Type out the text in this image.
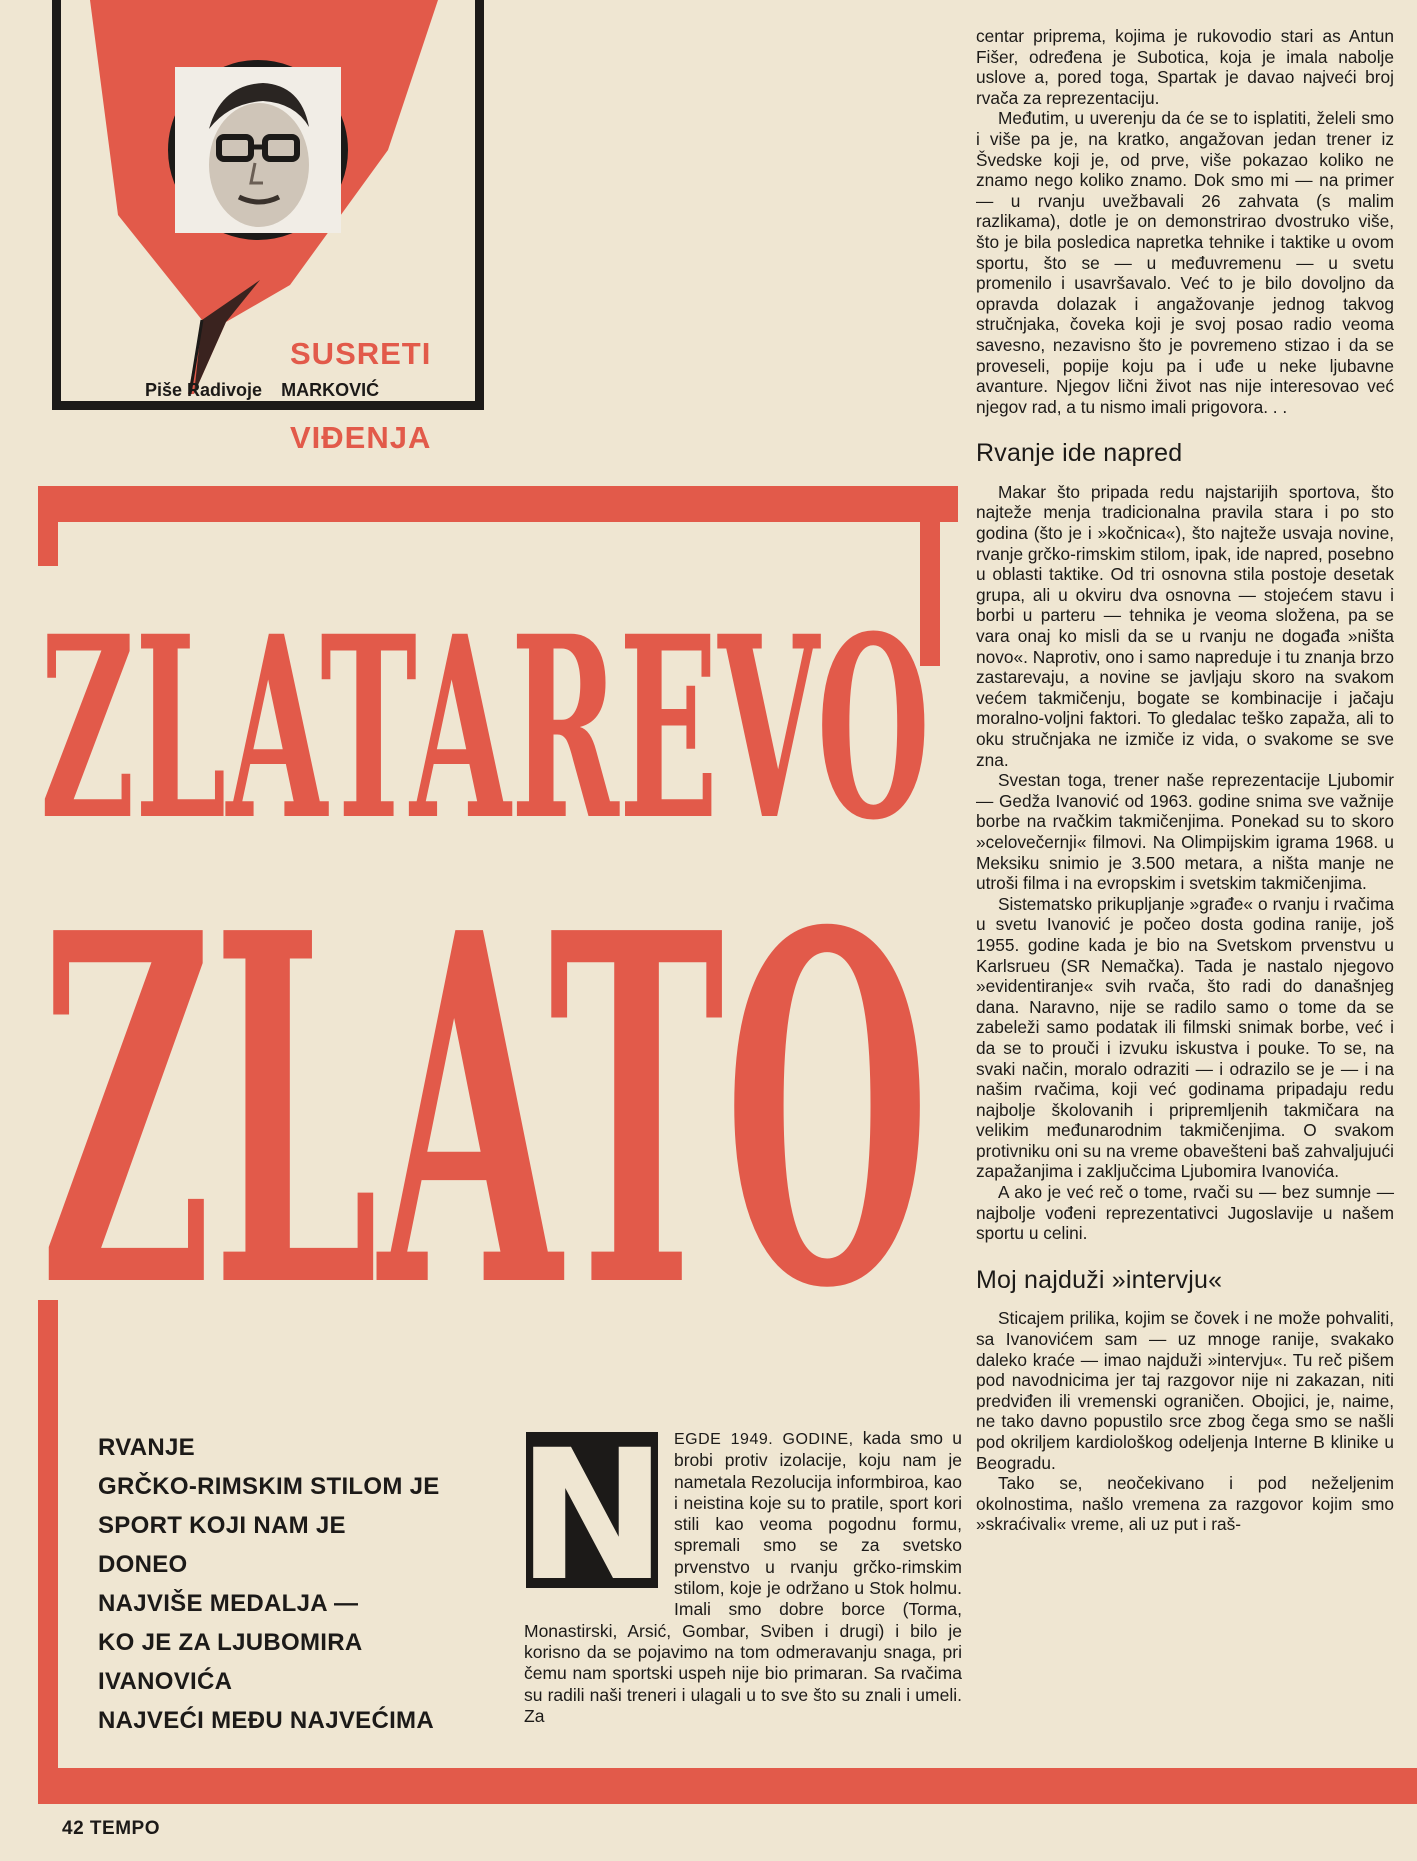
SUSRETI
Piše Radivoje MARKOVIĆ
VIĐENJA
ZLATAREVO
ZLATO
RVANJE
GRČKO-RIMSKIM STILOM JE
SPORT KOJI NAM JE
DONEO
NAJVIŠE MEDALJA —
KO JE ZA LJUBOMIRA
IVANOVIĆA
NAJVEĆI MEĐU NAJVEĆIMA
EGDE 1949. GODINE, kada smo u brobi protiv izolacije, koju nam je nametala Rezolucija informbiroa, kao i neistina koje su to pratile, sport kori stili kao veoma pogodnu formu, spremali smo se za svetsko prvenstvo u rvanju grčko-rimskim stilom, koje je održano u Stok holmu. Imali smo dobre borce (Torma, Monastirski, Arsić, Gombar, Sviben i drugi) i bilo je korisno da se pojavimo na tom odmeravanju snaga, pri čemu nam sportski uspeh nije bio primaran. Sa rvačima su radili naši treneri i ulagali u to sve što su znali i umeli. Za
N

centar priprema, kojima je rukovodio stari as Antun Fišer, određena je Subotica, koja je imala nabolje uslove a, pored toga, Spartak je davao najveći broj rvača za reprezentaciju.

Međutim, u uverenju da će se to isplatiti, želeli smo i više pa je, na kratko, angažovan jedan trener iz Švedske koji je, od prve, više pokazao koliko ne znamo nego koliko znamo. Dok smo mi — na primer — u rvanju uvežbavali 26 zahvata (s malim razlikama), dotle je on demonstrirao dvostruko više, što je bila posledica napretka tehnike i taktike u ovom sportu, što se — u međuvremenu — u svetu promenilo i usavršavalo. Već to je bilo dovoljno da opravda dolazak i angažovanje jednog takvog stručnjaka, čoveka koji je svoj posao radio veoma savesno, nezavisno što je povremeno stizao i da se proveseli, popije koju pa i uđe u neke ljubavne avanture. Njegov lični život nas nije interesovao već njegov rad, a tu nismo imali prigovora. . .

Rvanje ide napred

Makar što pripada redu najstarijih sportova, što najteže menja tradicionalna pravila stara i po sto godina (što je i »kočnica«), što najteže usvaja novine, rvanje grčko-rimskim stilom, ipak, ide napred, posebno u oblasti taktike. Od tri osnovna stila postoje desetak grupa, ali u okviru dva osnovna — stojećem stavu i borbi u parteru — tehnika je veoma složena, pa se vara onaj ko misli da se u rvanju ne događa »ništa novo«. Naprotiv, ono i samo napreduje i tu znanja brzo zastarevaju, a novine se javljaju skoro na svakom većem takmičenju, bogate se kombinacije i jačaju moralno-voljni faktori. To gledalac teško zapaža, ali to oku stručnjaka ne izmiče iz vida, o svakome se sve zna.

Svestan toga, trener naše reprezentacije Ljubomir — Gedža Ivanović od 1963. godine snima sve važnije borbe na rvačkim takmičenjima. Ponekad su to skoro »celovečernji« filmovi. Na Olimpijskim igrama 1968. u Meksiku snimio je 3.500 metara, a ništa manje ne utroši filma i na evropskim i svetskim takmičenjima.

Sistematsko prikupljanje »građe« o rvanju i rvačima u svetu Ivanović je počeo dosta godina ranije, još 1955. godine kada je bio na Svetskom prvenstvu u Karlsrueu (SR Nemačka). Tada je nastalo njegovo »evidentiranje« svih rvača, što radi do današnjeg dana. Naravno, nije se radilo samo o tome da se zabeleži samo podatak ili filmski snimak borbe, već i da se to prouči i izvuku iskustva i pouke. To se, na svaki način, moralo odraziti — i odrazilo se je — i na našim rvačima, koji već godinama pripadaju redu najbolje školovanih i pripremljenih takmičara na velikim međunarodnim takmičenjima. O svakom protivniku oni su na vreme obavešteni baš zahvaljujući zapažanjima i zaključcima Ljubomira Ivanovića.

A ako je već reč o tome, rvači su — bez sumnje — najbolje vođeni reprezentativci Jugoslavije u našem sportu u celini.

Moj najduži »intervju«

Sticajem prilika, kojim se čovek i ne može pohvaliti, sa Ivanovićem sam — uz mnoge ranije, svakako daleko kraće — imao najduži »intervju«. Tu reč pišem pod navodnicima jer taj razgovor nije ni zakazan, niti predviđen ili vremenski ograničen. Obojici, je, naime, ne tako davno popustilo srce zbog čega smo se našli pod okriljem kardiološkog odeljenja Interne B klinike u Beogradu.

Tako se, neočekivano i pod neželjenim okolnostima, našlo vremena za razgovor kojim smo »skraćivali« vreme, ali uz put i raš-

42 TEMPO
